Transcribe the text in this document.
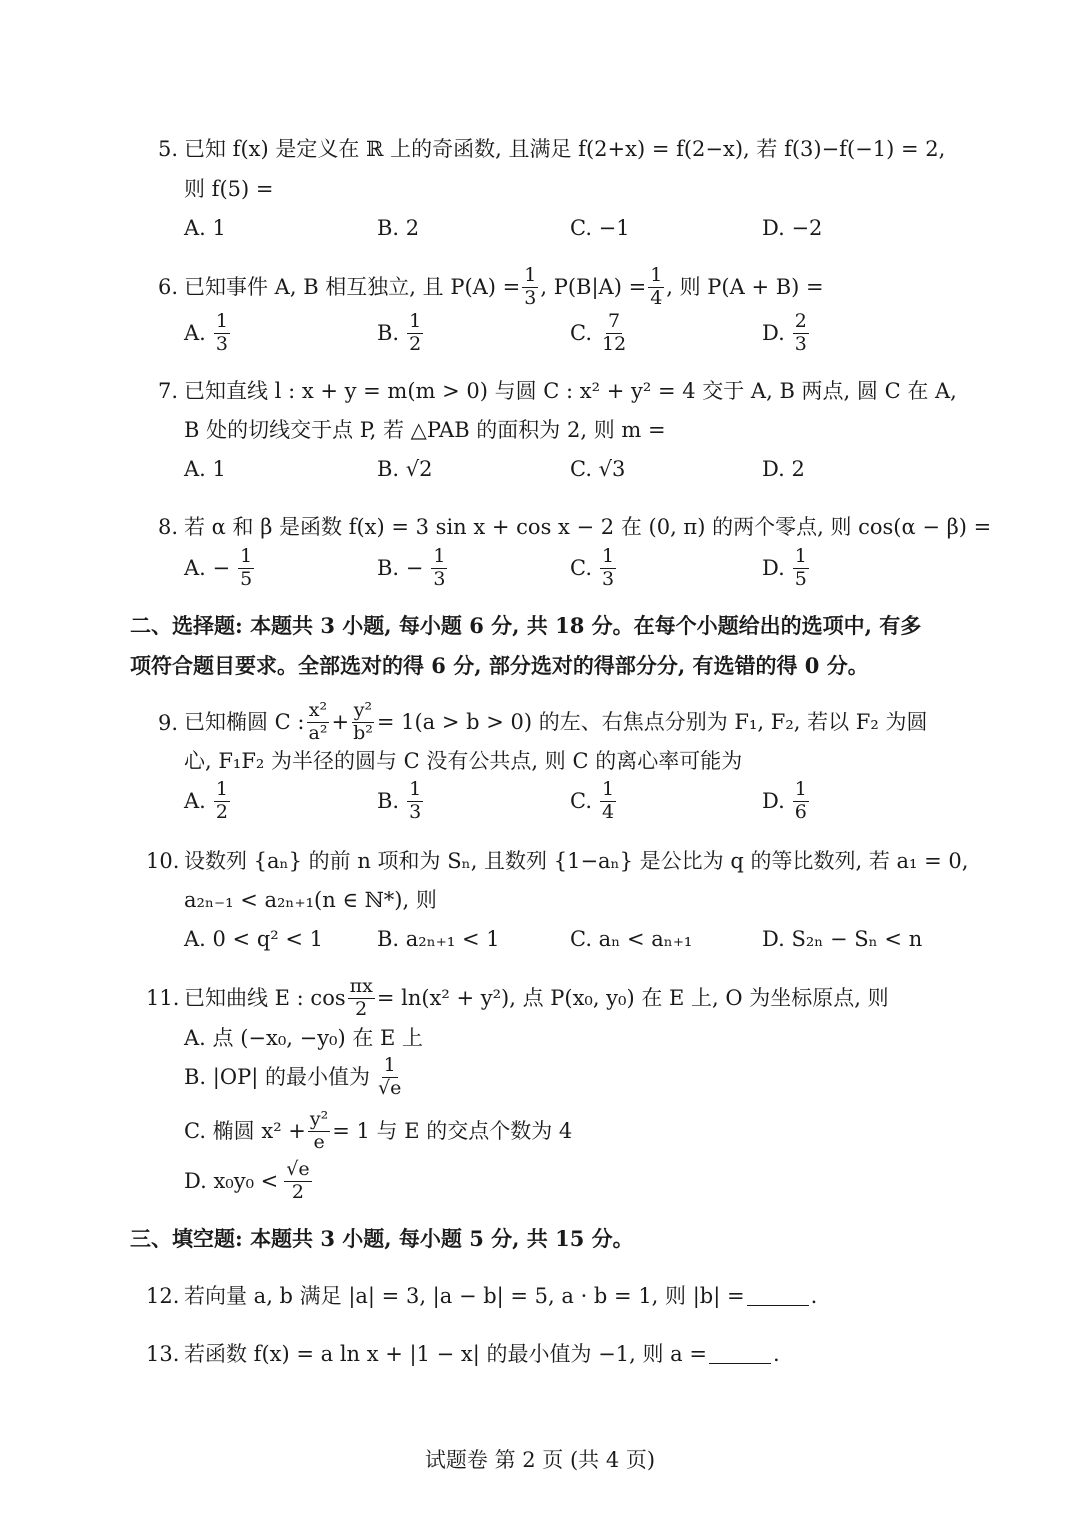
5. 已知 f(x) 是定义在 ℝ 上的奇函数, 且满足 f(2+x) = f(2−x), 若 f(3)−f(−1) = 2,
则 f(5) =
A. 1	B. 2	C. −1	D. −2
6. 已知事件 A, B 相互独立, 且 $P(A) = \frac{1}{3}$ , $P(B|A) = \frac{1}{4}$ , 则 P(A + B) =
A. $\frac{1}{3}$	B. $\frac{1}{2}$	C. $\frac{7}{12}$	D. $\frac{2}{3}$
7. 已知直线 l : x + y = m(m > 0) 与圆 C : x² + y² = 4 交于 A, B 两点, 圆 C 在 A,
B 处的切线交于点 P, 若 △PAB 的面积为 2, 则 m =
A. 1	B. √2	C. √3	D. 2
8. 若 α 和 β 是函数 f(x) = 3 sin x + cos x − 2 在 (0, π) 的两个零点, 则 cos(α − β) =
A. − $\frac{1}{5}$	B. − $\frac{1}{3}$	C. $\frac{1}{3}$	D. $\frac{1}{5}$
二、选择题: 本题共 3 小题, 每小题 6 分, 共 18 分。在每个小题给出的选项中, 有多
项符合题目要求。全部选对的得 6 分, 部分选对的得部分分, 有选错的得 0 分。
9. 已知椭圆 C : $\frac{\text{x²}}{\text{a²}} + \frac{\text{y²}}{\text{b²}} = 1(a > b > 0)$ 的左、右焦点分别为 F₁, F₂, 若以 F₂ 为圆
心, F₁F₂ 为半径的圆与 C 没有公共点, 则 C 的离心率可能为
A. $\frac{1}{2}$	B. $\frac{1}{3}$	C. $\frac{1}{4}$	D. $\frac{1}{6}$
10. 设数列 {aₙ} 的前 n 项和为 Sₙ, 且数列 {1−aₙ} 是公比为 q 的等比数列, 若 a₁ = 0,
a₂ₙ₋₁ < a₂ₙ₊₁(n ∈ ℕ*), 则
A. 0 < q² < 1	B. a₂ₙ₊₁ < 1	C. aₙ < aₙ₊₁	D. S₂ₙ − Sₙ < n
11. 已知曲线 E : $\cos \frac{\pi x}{2} = \ln(x^2 + y^2)$, 点 P(x₀, y₀) 在 E 上, O 为坐标原点, 则
A. 点 (−x₀, −y₀) 在 E 上
B. |OP| 的最小值为 $\frac{1}{√e}$
C. 椭圆 $x^2 + \frac{\text{y²}}{e} = 1$ 与 E 的交点个数为 4
D. $x_0y_0 < \frac{√e}{2}$
三、填空题: 本题共 3 小题, 每小题 5 分, 共 15 分。
12. 若向量 a, b 满足 |a| = 3, |a − b| = 5, a · b = 1, 则 |b| =	.
13. 若函数 f(x) = a ln x + |1 − x| 的最小值为 −1, 则 a =	.
试题卷 第 2 页 (共 4 页)
